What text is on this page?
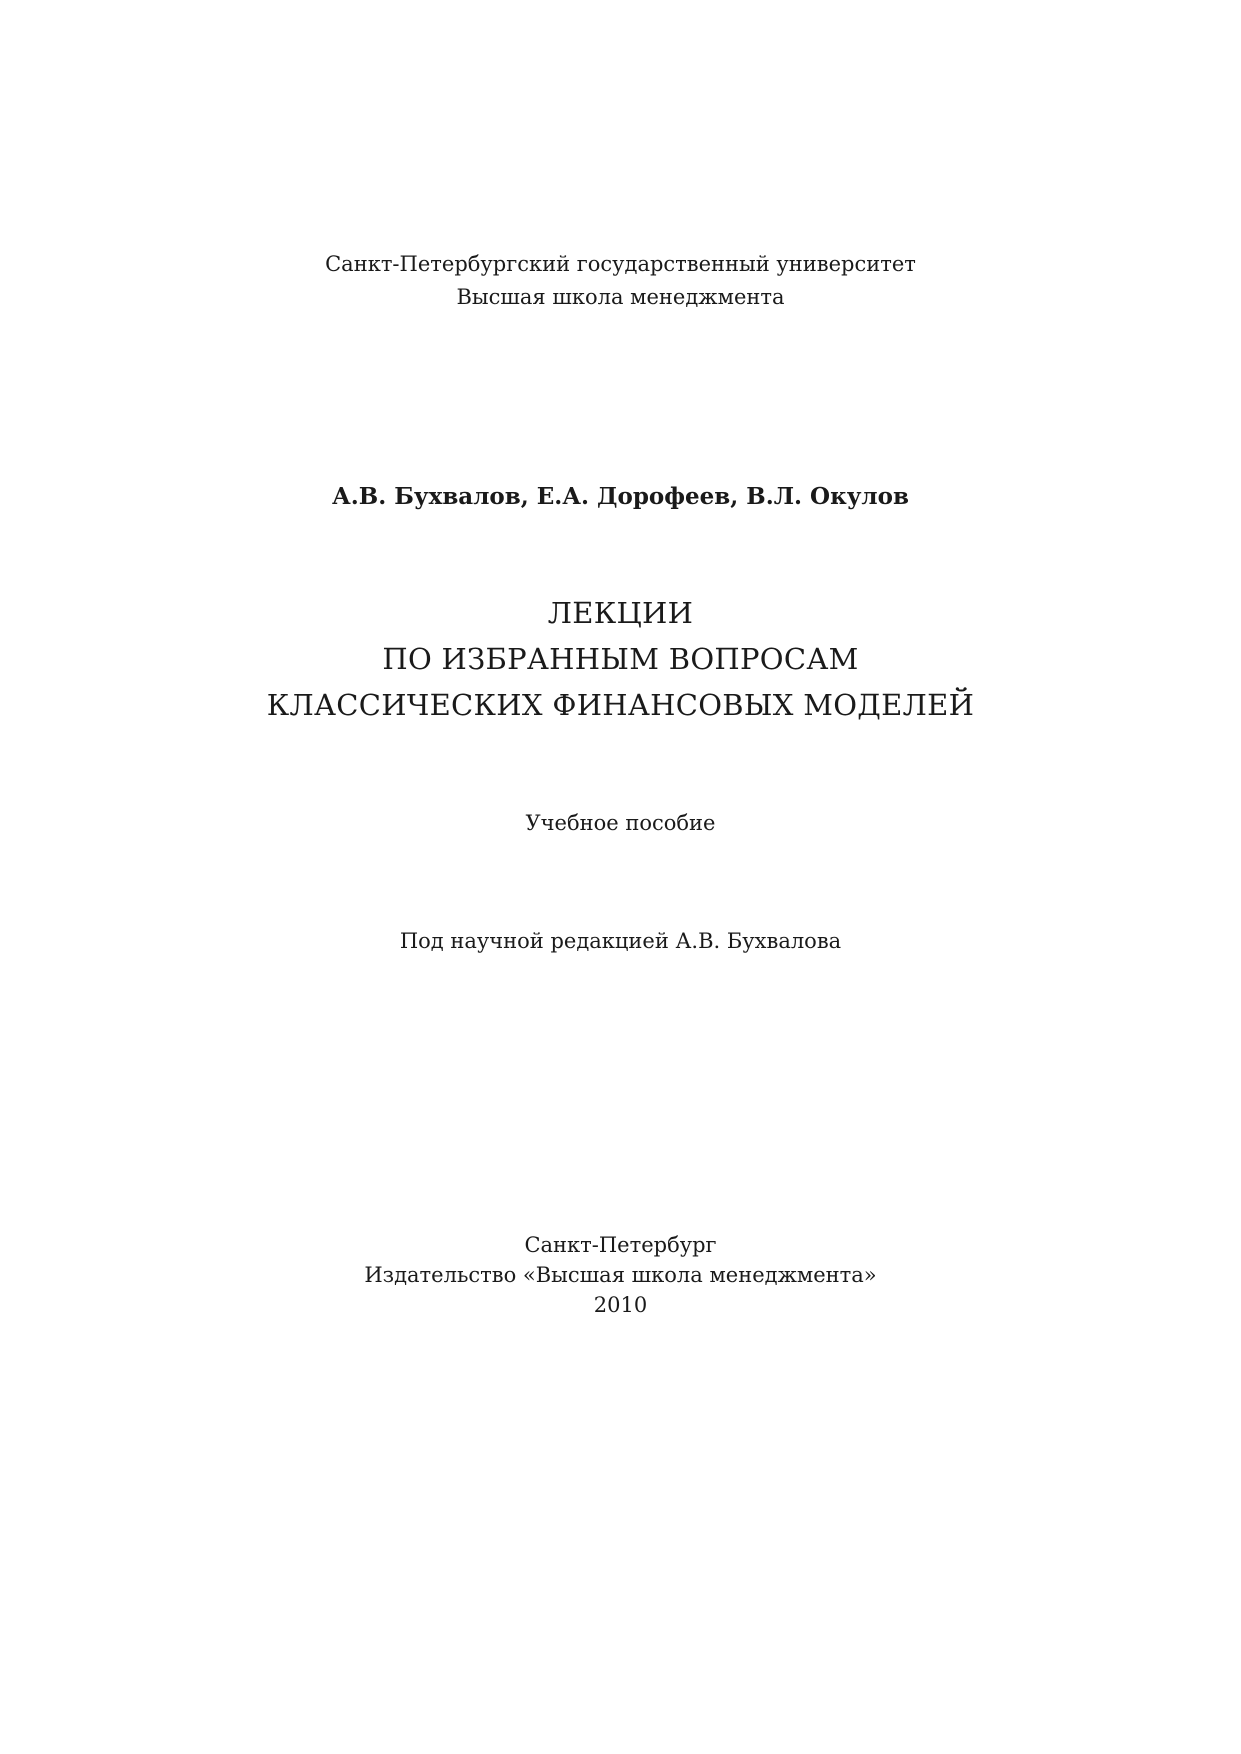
Санкт-Петербургский государственный университет
Высшая школа менеджмента
А.В. Бухвалов, Е.А. Дорофеев, В.Л. Окулов
ЛЕКЦИИ
ПО ИЗБРАННЫМ ВОПРОСАМ
КЛАССИЧЕСКИХ ФИНАНСОВЫХ МОДЕЛЕЙ
Учебное пособие
Под научной редакцией А.В. Бухвалова
Санкт-Петербург
Издательство «Высшая школа менеджмента»
2010
